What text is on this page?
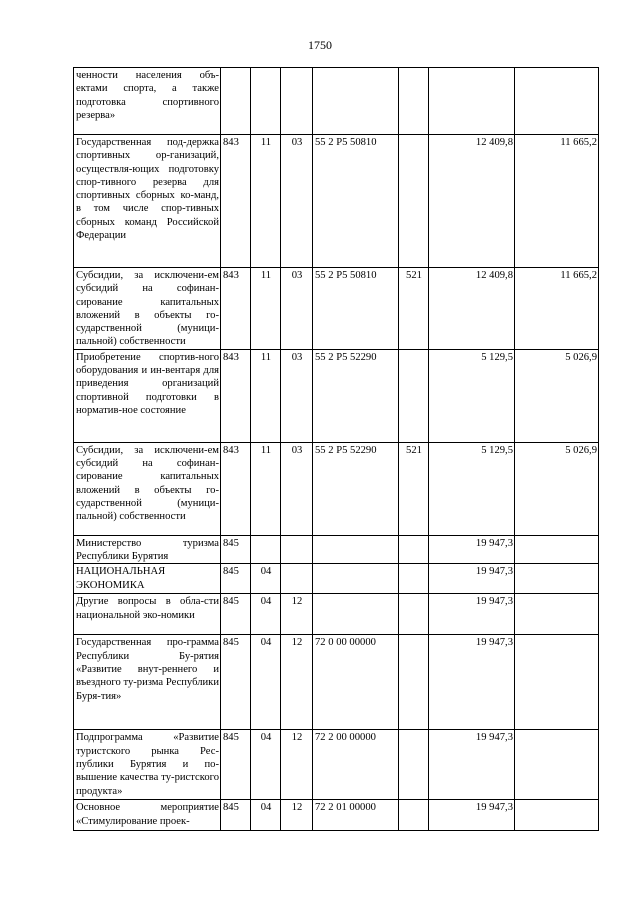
1750
ченности населения объ-ектами спорта, а также подготовка спортивного резерва»							
Государственная под-держка спортивных ор-ганизаций, осуществля-ющих подготовку спор-тивного резерва для спортивных сборных ко-манд, в том числе спор-тивных сборных команд Российской Федерации	843	11	03	55 2 P5 50810		12 409,8	11 665,2
Субсидии, за исключени-ем субсидий на софинан-сирование капитальных вложений в объекты го-сударственной (муници-пальной) собственности	843	11	03	55 2 P5 50810	521	12 409,8	11 665,2
Приобретение спортив-ного оборудования и ин-вентаря для приведения организаций спортивной подготовки в норматив-ное состояние	843	11	03	55 2 P5 52290		5 129,5	5 026,9
Субсидии, за исключени-ем субсидий на софинан-сирование капитальных вложений в объекты го-сударственной (муници-пальной) собственности	843	11	03	55 2 P5 52290	521	5 129,5	5 026,9
Министерство туризма Республики Бурятия	845					19 947,3	
НАЦИОНАЛЬНАЯ ЭКОНОМИКА	845	04				19 947,3	
Другие вопросы в обла-сти национальной эко-номики	845	04	12			19 947,3	
Государственная про-грамма Республики Бу-рятия «Развитие внут-реннего и въездного ту-ризма Республики Буря-тия»	845	04	12	72 0 00 00000		19 947,3	
Подпрограмма «Развитие туристского рынка Рес-публики Бурятия и по-вышение качества ту-ристского продукта»	845	04	12	72 2 00 00000		19 947,3	
Основное мероприятие «Стимулирование проек-	845	04	12	72 2 01 00000		19 947,3	
